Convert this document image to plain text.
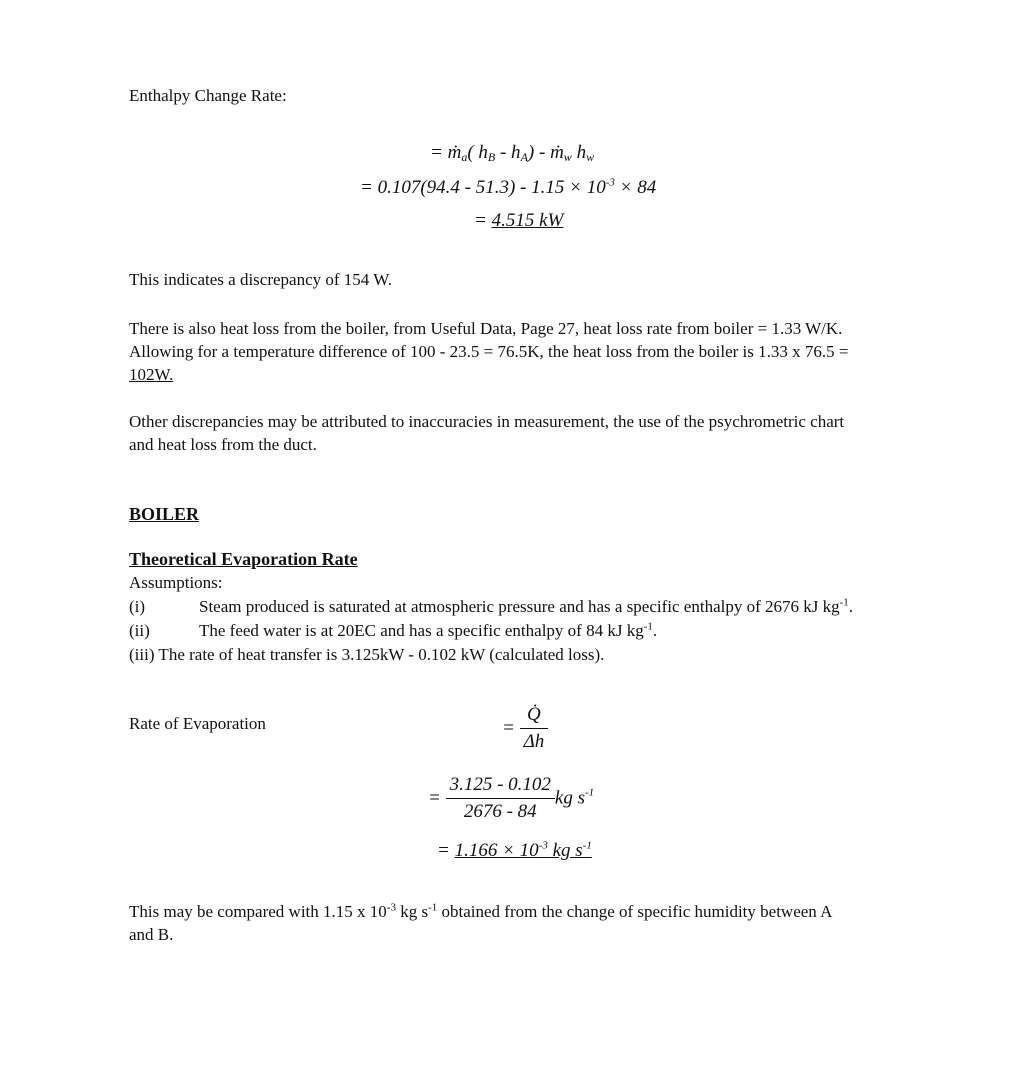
Enthalpy Change Rate:
= ṁ$_a$( $h_B - h_A$) - ṁ$_w$ $h_w$
= $0.107(94.4 - 51.3) - 1.15 \times 10^{-3} \times 84$
= 4.515 kW
This indicates a discrepancy of 154 W.
There is also heat loss from the boiler, from Useful Data, Page 27, heat loss rate from boiler = 1.33 W/K.
Allowing for a temperature difference of 100 - 23.5 = 76.5K, the heat loss from the boiler is 1.33 x 76.5 =
102W.
Other discrepancies may be attributed to inaccuracies in measurement, the use of the psychrometric chart
and heat loss from the duct.
BOILER
Theoretical Evaporation Rate
Assumptions:
(i)	Steam produced is saturated at atmospheric pressure and has a specific enthalpy of 2676 kJ $kg^{-1}$.
(ii)	The feed water is at 20EC and has a specific enthalpy of 84 kJ $kg^{-1}$.
(iii) The rate of heat transfer is 3.125kW - 0.102 kW (calculated loss).
Rate of Evaporation	= $\frac{Q̇}{\Delta h}$
= $\frac{3.125 - 0.102}{2676 - 84}$ kg $s^{-1}$
= $1.166 \times 10^{-3}$ kg $s^{-1}$
This may be compared with 1.15 x $10^{-3}$ kg $s^{-1}$ obtained from the change of specific humidity between A
and B.
